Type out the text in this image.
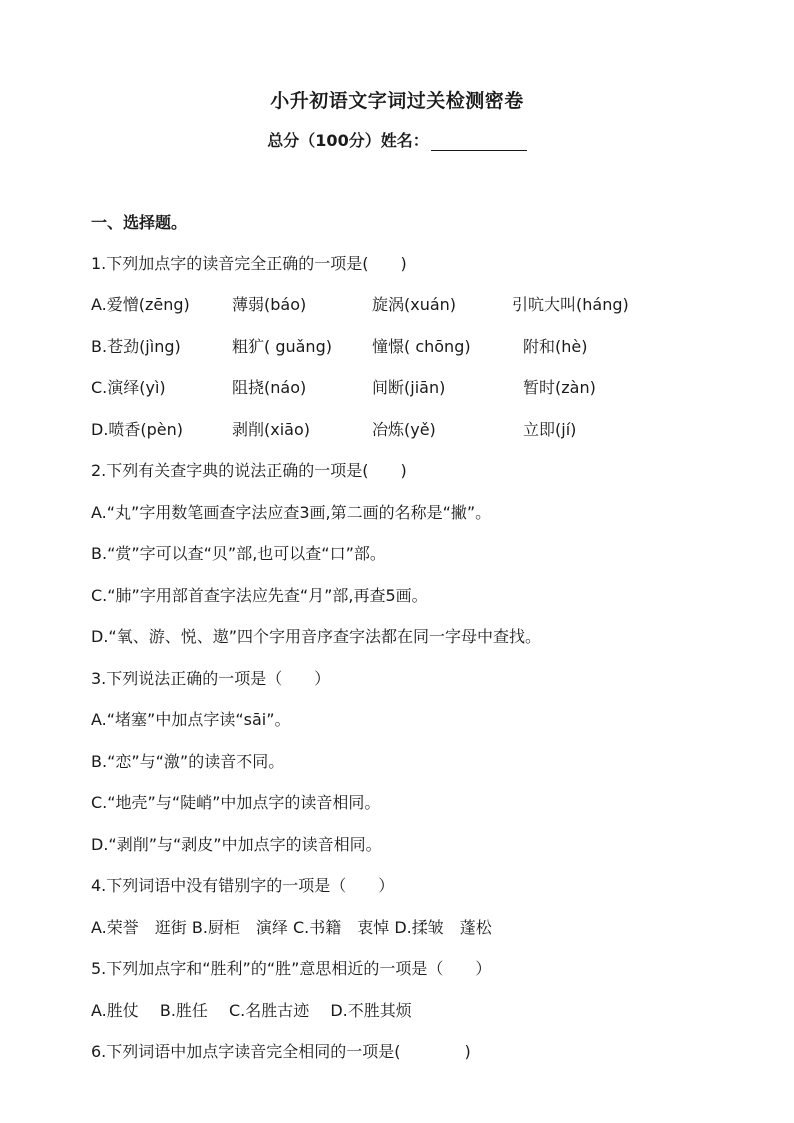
小升初语文字词过关检测密卷
总分（100分）姓名：
一、选择题。
1.下列加点字的读音完全正确的一项是(　　)

A.爱憎(zēng)

	薄弱(báo)

	旋涡(xuán)

	引吭大叫(háng)

B.苍劲(jìng)

	粗犷( guǎng)

	憧憬( chōng)

	附和(hè)

C.演绎(yì)

	阻挠(náo)

	间断(jiān)

	暂时(zàn)

D.喷香(pèn)

	剥削(xiāo)

	冶炼(yě)

	立即(jí)

2.下列有关查字典的说法正确的一项是(　　)
A.“丸”字用数笔画查字法应查3画,第二画的名称是“撇”。
B.“赏”字可以查“贝”部,也可以查“口”部。
C.“肺”字用部首查字法应先查“月”部,再查5画。
D.“氧、游、悦、遨”四个字用音序查字法都在同一字母中查找。
3.下列说法正确的一项是（　　）
A.“堵塞”中加点字读“sāi”。
B.“恋”与“激”的读音不同。
C.“地壳”与“陡峭”中加点字的读音相同。
D.“剥削”与“剥皮”中加点字的读音相同。
4.下列词语中没有错别字的一项是（　　）
A.荣誉　逛街 B.厨柜　演绎 C.书籍　衷悼 D.揉皱　蓬松
5.下列加点字和“胜利”的“胜”意思相近的一项是（　　）
A.胜仗　 B.胜任　 C.名胜古迹　 D.不胜其烦
6.下列词语中加点字读音完全相同的一项是(　　　　)
